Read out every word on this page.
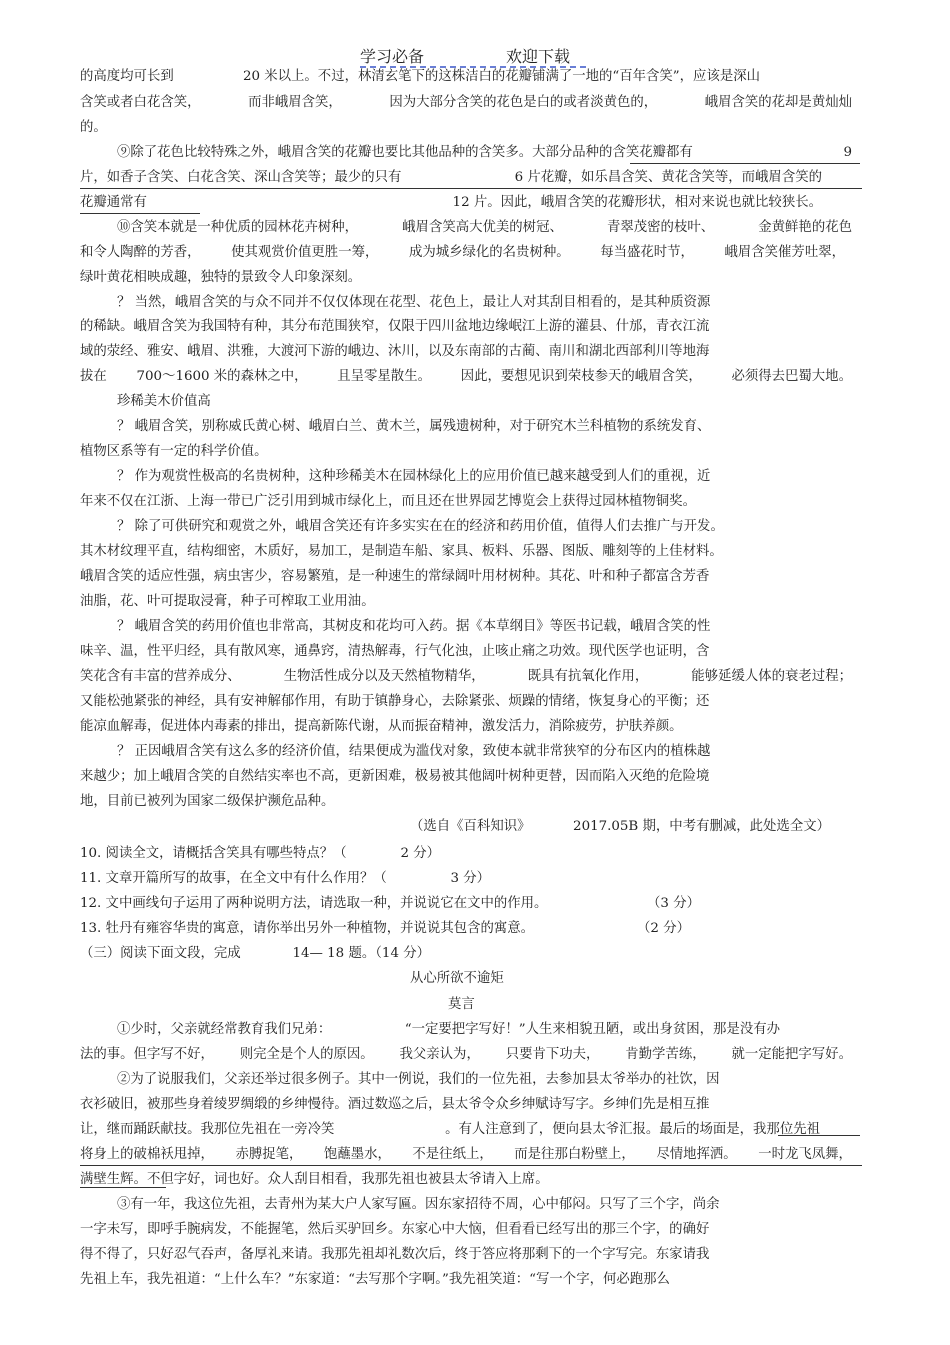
学习必备	欢迎下载
的高度均可长到	20 米以上。不过，林清玄笔下的这株洁白的花瓣铺满了一地的“百年含笑”，应该是深山
含笑或者白花含笑，	而非峨眉含笑，	因为大部分含笑的花色是白的或者淡黄色的，	峨眉含笑的花却是黄灿灿
的。
⑨除了花色比较特殊之外，峨眉含笑的花瓣也要比其他品种的含笑多。大部分品种的含笑花瓣都有	9
片，如香子含笑、白花含笑、深山含笑等；最少的只有	6 片花瓣，如乐昌含笑、黄花含笑等，而峨眉含笑的
花瓣通常有	12 片。因此，峨眉含笑的花瓣形状，相对来说也就比较狭长。
⑩含笑本就是一种优质的园林花卉树种，	峨眉含笑高大优美的树冠、	青翠茂密的枝叶、	金黄鲜艳的花色
和令人陶醉的芳香， 使其观赏价值更胜一筹， 成为城乡绿化的名贵树种。 每当盛花时节， 峨眉含笑催芳吐翠，
绿叶黄花相映成趣，独特的景致令人印象深刻。
？ 当然，峨眉含笑的与众不同并不仅仅体现在花型、花色上，最让人对其刮目相看的，是其种质资源
的稀缺。峨眉含笑为我国特有种，其分布范围狭窄，仅限于四川盆地边缘岷江上游的灌县、什邡，青衣江流
域的荥经、雅安、峨眉、洪雅，大渡河下游的峨边、沐川，以及东南部的古蔺、南川和湖北西部利川等地海
拔在 700～1600 米的森林之中， 且呈零星散生。 因此，要想见识到荣枝参天的峨眉含笑， 必须得去巴蜀大地。
珍稀美木价值高
？ 峨眉含笑，别称威氏黄心树、峨眉白兰、黄木兰，属残遗树种，对于研究木兰科植物的系统发育、
植物区系等有一定的科学价值。
？ 作为观赏性极高的名贵树种，这种珍稀美木在园林绿化上的应用价值已越来越受到人们的重视，近
年来不仅在江浙、上海一带已广泛引用到城市绿化上，而且还在世界园艺博览会上获得过园林植物铜奖。
？ 除了可供研究和观赏之外，峨眉含笑还有许多实实在在的经济和药用价值，值得人们去推广与开发。
其木材纹理平直，结构细密，木质好，易加工，是制造车船、家具、板料、乐器、图版、雕刻等的上佳材料。
峨眉含笑的适应性强，病虫害少，容易繁殖，是一种速生的常绿阔叶用材树种。其花、叶和种子都富含芳香
油脂，花、叶可提取浸膏，种子可榨取工业用油。
？ 峨眉含笑的药用价值也非常高，其树皮和花均可入药。据《本草纲目》等医书记载，峨眉含笑的性
味辛、温，性平归经，具有散风寒，通鼻窍，清热解毒，行气化浊，止咳止痛之功效。现代医学也证明，含
笑花含有丰富的营养成分、	生物活性成分以及天然植物精华，	既具有抗氧化作用，	能够延缓人体的衰老过程；
又能松弛紧张的神经，具有安神解郁作用，有助于镇静身心，去除紧张、烦躁的情绪，恢复身心的平衡；还
能凉血解毒，促进体内毒素的排出，提高新陈代谢，从而振奋精神，激发活力，消除疲劳，护肤养颜。
？ 正因峨眉含笑有这么多的经济价值，结果便成为滥伐对象，致使本就非常狭窄的分布区内的植株越
来越少；加上峨眉含笑的自然结实率也不高，更新困难，极易被其他阔叶树种更替，因而陷入灭绝的危险境
地，目前已被列为国家二级保护濒危品种。
（选自《百科知识》	2017.05B 期，中考有删减，此处选全文）
10. 阅读全文，请概括含笑具有哪些特点？（	2 分）
11. 文章开篇所写的故事，在全文中有什么作用？（	3 分）
12. 文中画线句子运用了两种说明方法，请选取一种，并说说它在文中的作用。	（3 分）
13. 牡丹有雍容华贵的寓意，请你举出另外一种植物，并说说其包含的寓意。	（2 分）
（三）阅读下面文段，完成	14— 18 题。（14 分）
从心所欲不逾矩
莫言
①少时，父亲就经常教育我们兄弟：	“一定要把字写好！”人生来相貌丑陋，或出身贫困，那是没有办
法的事。但字写不好， 则完全是个人的原因。 我父亲认为， 只要肯下功夫， 肯勤学苦练， 就一定能把字写好。
②为了说服我们，父亲还举过很多例子。其中一例说，我们的一位先祖，去参加县太爷举办的社饮，因
衣衫破旧，被那些身着绫罗绸缎的乡绅慢待。酒过数巡之后，县太爷令众乡绅赋诗写字。乡绅们先是相互推
让，继而踊跃献技。我那位先祖在一旁冷笑	。有人注意到了，便向县太爷汇报。最后的场面是，我那位先祖
将身上的破棉袄甩掉， 赤膊捉笔， 饱蘸墨水， 不是往纸上， 而是往那白粉壁上， 尽情地挥洒。 一时龙飞凤舞，
满壁生辉。不但字好，词也好。众人刮目相看，我那先祖也被县太爷请入上席。
③有一年，我这位先祖，去青州为某大户人家写匾。因东家招待不周，心中郁闷。只写了三个字，尚余
一字未写，即呼手腕病发，不能握笔，然后买驴回乡。东家心中大恼，但看看已经写出的那三个字，的确好
得不得了，只好忍气吞声，备厚礼来请。我那先祖却礼数次后，终于答应将那剩下的一个字写完。东家请我
先祖上车，我先祖道：“上什么车？”东家道：“去写那个字啊。”我先祖笑道：“写一个字，何必跑那么
